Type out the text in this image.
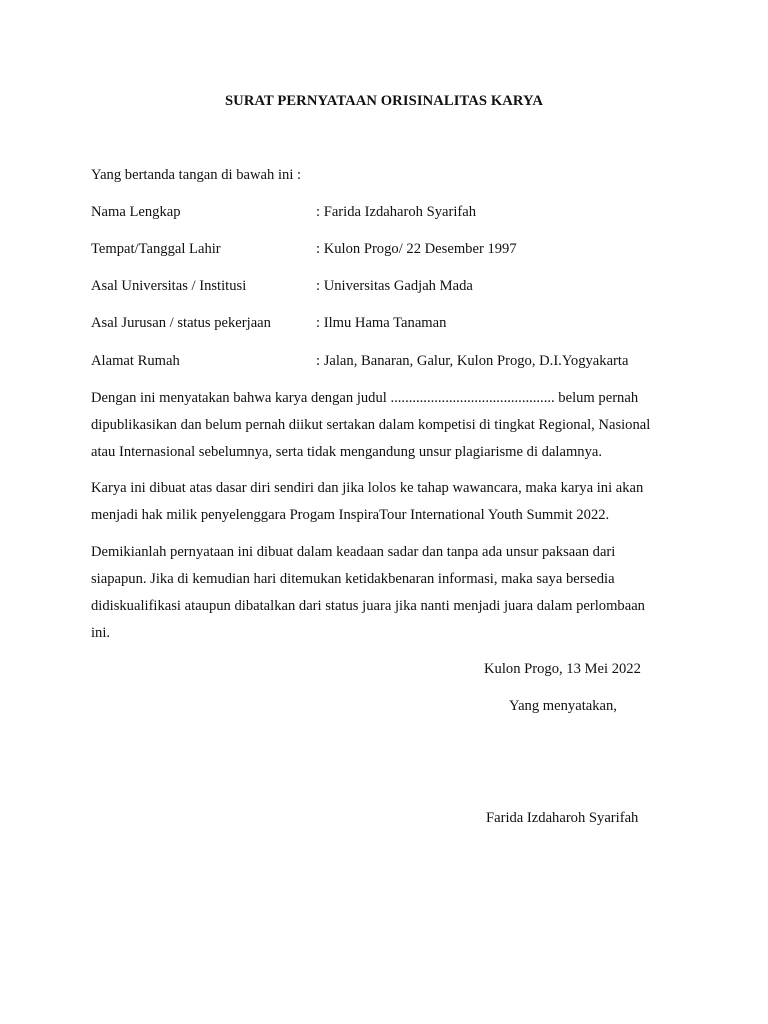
SURAT PERNYATAAN ORISINALITAS KARYA
Yang bertanda tangan di bawah ini :
Nama Lengkap	: Farida Izdaharoh Syarifah
Tempat/Tanggal Lahir	: Kulon Progo/ 22 Desember 1997
Asal Universitas / Institusi	: Universitas Gadjah Mada
Asal Jurusan / status pekerjaan	: Ilmu Hama Tanaman
Alamat Rumah	: Jalan, Banaran, Galur, Kulon Progo, D.I.Yogyakarta
Dengan ini menyatakan bahwa karya dengan judul ............................................. belum pernah
dipublikasikan dan belum pernah diikut sertakan dalam kompetisi di tingkat Regional, Nasional
atau Internasional sebelumnya, serta tidak mengandung unsur plagiarisme di dalamnya.
Karya ini dibuat atas dasar diri sendiri dan jika lolos ke tahap wawancara, maka karya ini akan
menjadi hak milik penyelenggara Progam InspiraTour International Youth Summit 2022.
Demikianlah pernyataan ini dibuat dalam keadaan sadar dan tanpa ada unsur paksaan dari
siapapun. Jika di kemudian hari ditemukan ketidakbenaran informasi, maka saya bersedia
didiskualifikasi ataupun dibatalkan dari status juara jika nanti menjadi juara dalam perlombaan
ini.
Kulon Progo, 13 Mei 2022
Yang menyatakan,
Farida Izdaharoh Syarifah
